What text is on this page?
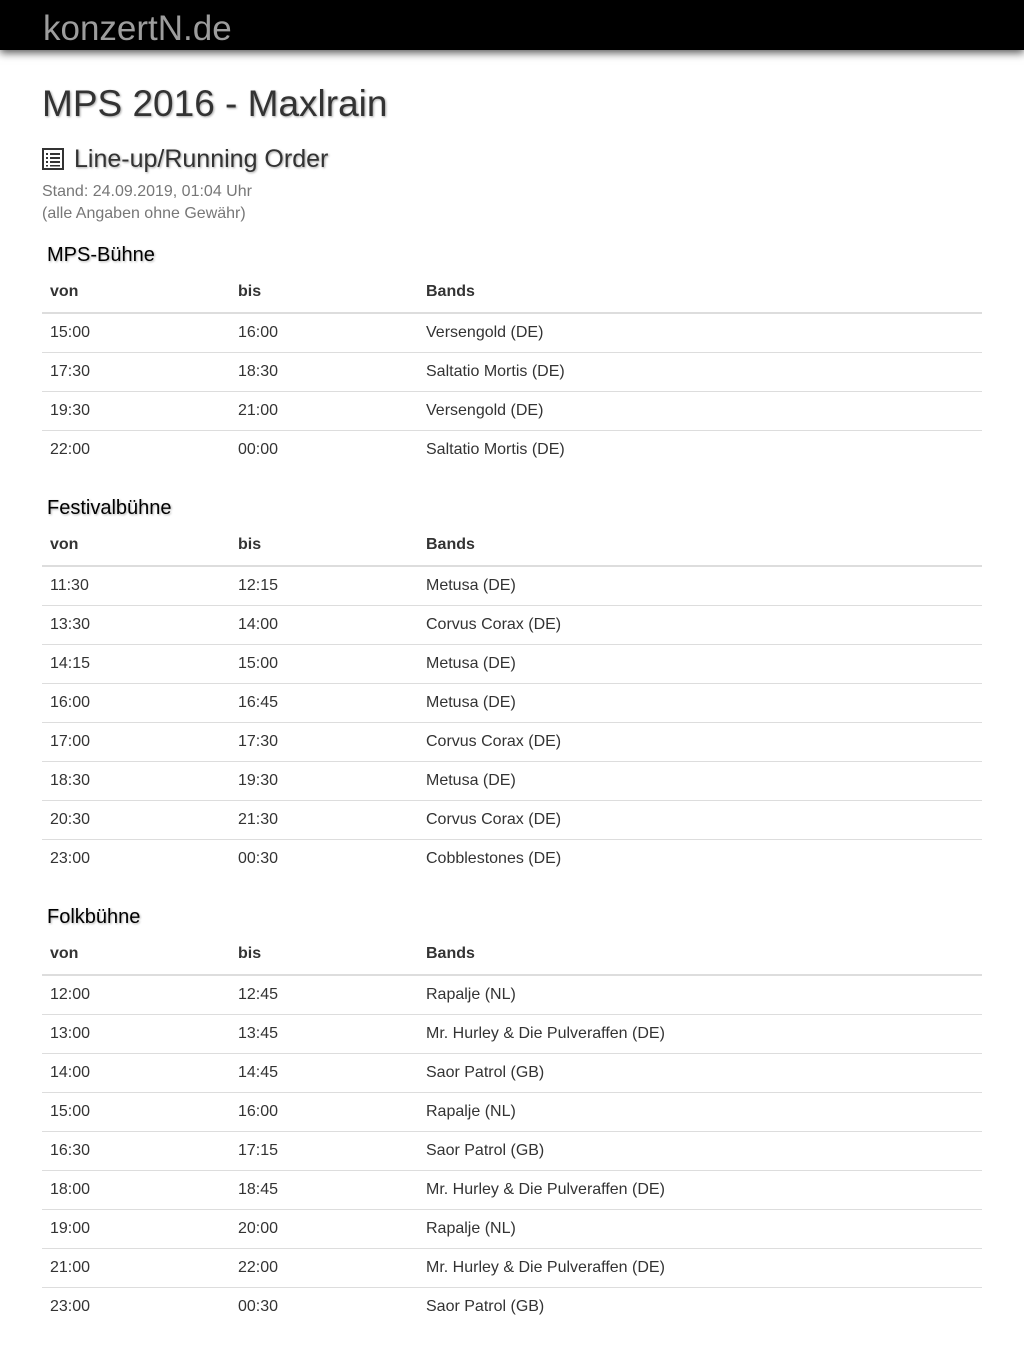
konzertN.de
MPS 2016 - Maxlrain
Line-up/Running Order
Stand: 24.09.2019, 01:04 Uhr
(alle Angaben ohne Gewähr)
MPS-Bühne
von	bis	Bands
15:00	16:00	Versengold (DE)
17:30	18:30	Saltatio Mortis (DE)
19:30	21:00	Versengold (DE)
22:00	00:00	Saltatio Mortis (DE)
Festivalbühne
von	bis	Bands
11:30	12:15	Metusa (DE)
13:30	14:00	Corvus Corax (DE)
14:15	15:00	Metusa (DE)
16:00	16:45	Metusa (DE)
17:00	17:30	Corvus Corax (DE)
18:30	19:30	Metusa (DE)
20:30	21:30	Corvus Corax (DE)
23:00	00:30	Cobblestones (DE)
Folkbühne
von	bis	Bands
12:00	12:45	Rapalje (NL)
13:00	13:45	Mr. Hurley & Die Pulveraffen (DE)
14:00	14:45	Saor Patrol (GB)
15:00	16:00	Rapalje (NL)
16:30	17:15	Saor Patrol (GB)
18:00	18:45	Mr. Hurley & Die Pulveraffen (DE)
19:00	20:00	Rapalje (NL)
21:00	22:00	Mr. Hurley & Die Pulveraffen (DE)
23:00	00:30	Saor Patrol (GB)
